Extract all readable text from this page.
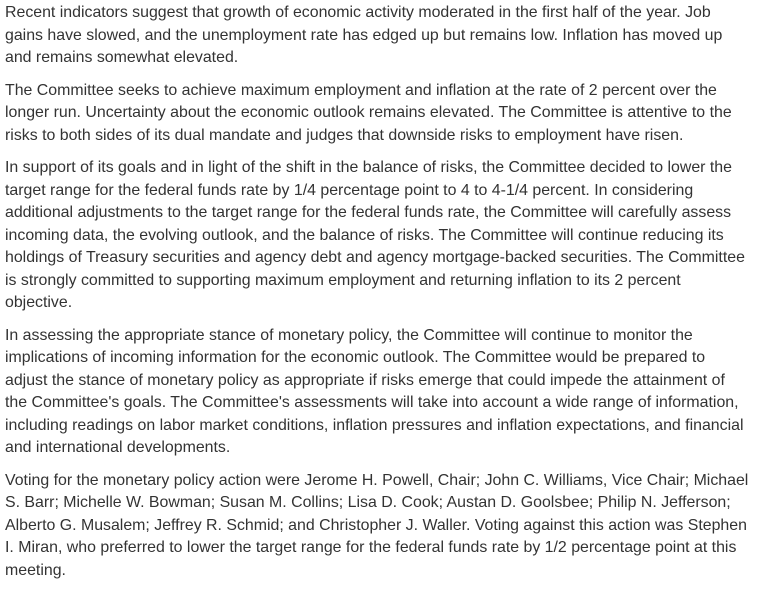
Recent indicators suggest that growth of economic activity moderated in the first half of the year. Job gains have slowed, and the unemployment rate has edged up but remains low. Inflation has moved up and remains somewhat elevated.

The Committee seeks to achieve maximum employment and inflation at the rate of 2 percent over the longer run. Uncertainty about the economic outlook remains elevated. The Committee is attentive to the risks to both sides of its dual mandate and judges that downside risks to employment have risen.

In support of its goals and in light of the shift in the balance of risks, the Committee decided to lower the target range for the federal funds rate by 1/4 percentage point to 4 to 4-1/4 percent. In considering additional adjustments to the target range for the federal funds rate, the Committee will carefully assess incoming data, the evolving outlook, and the balance of risks. The Committee will continue reducing its holdings of Treasury securities and agency debt and agency mortgage-backed securities. The Committee is strongly committed to supporting maximum employment and returning inflation to its 2 percent objective.

In assessing the appropriate stance of monetary policy, the Committee will continue to monitor the implications of incoming information for the economic outlook. The Committee would be prepared to adjust the stance of monetary policy as appropriate if risks emerge that could impede the attainment of the Committee's goals. The Committee's assessments will take into account a wide range of information, including readings on labor market conditions, inflation pressures and inflation expectations, and financial and international developments.

Voting for the monetary policy action were Jerome H. Powell, Chair; John C. Williams, Vice Chair; Michael S. Barr; Michelle W. Bowman; Susan M. Collins; Lisa D. Cook; Austan D. Goolsbee; Philip N. Jefferson; Alberto G. Musalem; Jeffrey R. Schmid; and Christopher J. Waller. Voting against this action was Stephen I. Miran, who preferred to lower the target range for the federal funds rate by 1/2 percentage point at this meeting.
